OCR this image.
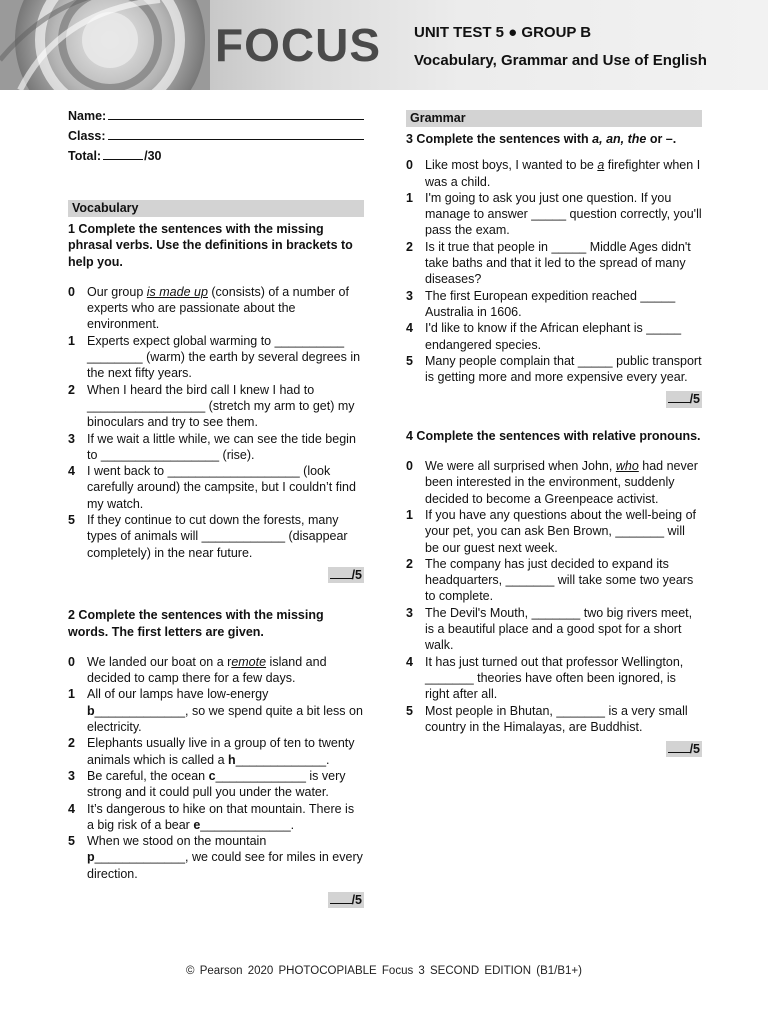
FOCUS UNIT TEST 5 ● GROUP B
Vocabulary, Grammar and Use of English
Name:
Class:
Total:	/30
Vocabulary
1 Complete the sentences with the missing phrasal verbs. Use the definitions in brackets to help you.
0 Our group is made up (consists) of a number of experts who are passionate about the environment.
1 Experts expect global warming to __________ ________ (warm) the earth by several degrees in the next fifty years.
2 When I heard the bird call I knew I had to _________________ (stretch my arm to get) my binoculars and try to see them.
3 If we wait a little while, we can see the tide begin to _________________ (rise).
4 I went back to ___________________ (look carefully around) the campsite, but I couldn’t find my watch.
5 If they continue to cut down the forests, many types of animals will ____________ (disappear completely) in the near future.
/5
2 Complete the sentences with the missing words. The first letters are given.
0 We landed our boat on a remote island and decided to camp there for a few days.
1 All of our lamps have low-energy b_____________, so we spend quite a bit less on electricity.
2 Elephants usually live in a group of ten to twenty animals which is called a h_____________.
3 Be careful, the ocean c_____________ is very strong and it could pull you under the water.
4 It’s dangerous to hike on that mountain. There is a big risk of a bear e_____________.
5 When we stood on the mountain p_____________, we could see for miles in every direction.
/5
Grammar
3 Complete the sentences with a, an, the or –.
0 Like most boys, I wanted to be a firefighter when I was a child.
1 I'm going to ask you just one question. If you manage to answer _____ question correctly, you'll pass the exam.
2 Is it true that people in _____ Middle Ages didn't take baths and that it led to the spread of many diseases?
3 The first European expedition reached _____ Australia in 1606.
4 I'd like to know if the African elephant is _____ endangered species.
5 Many people complain that _____ public transport is getting more and more expensive every year.
/5
4 Complete the sentences with relative pronouns.
0 We were all surprised when John, who had never been interested in the environment, suddenly decided to become a Greenpeace activist.
1 If you have any questions about the well-being of your pet, you can ask Ben Brown, _______ will be our guest next week.
2 The company has just decided to expand its headquarters, _______ will take some two years to complete.
3 The Devil's Mouth, _______ two big rivers meet, is a beautiful place and a good spot for a short walk.
4 It has just turned out that professor Wellington, _______ theories have often been ignored, is right after all.
5 Most people in Bhutan, _______ is a very small country in the Himalayas, are Buddhist.
/5
© Pearson 2020 PHOTOCOPIABLE Focus 3 SECOND EDITION (B1/B1+)
